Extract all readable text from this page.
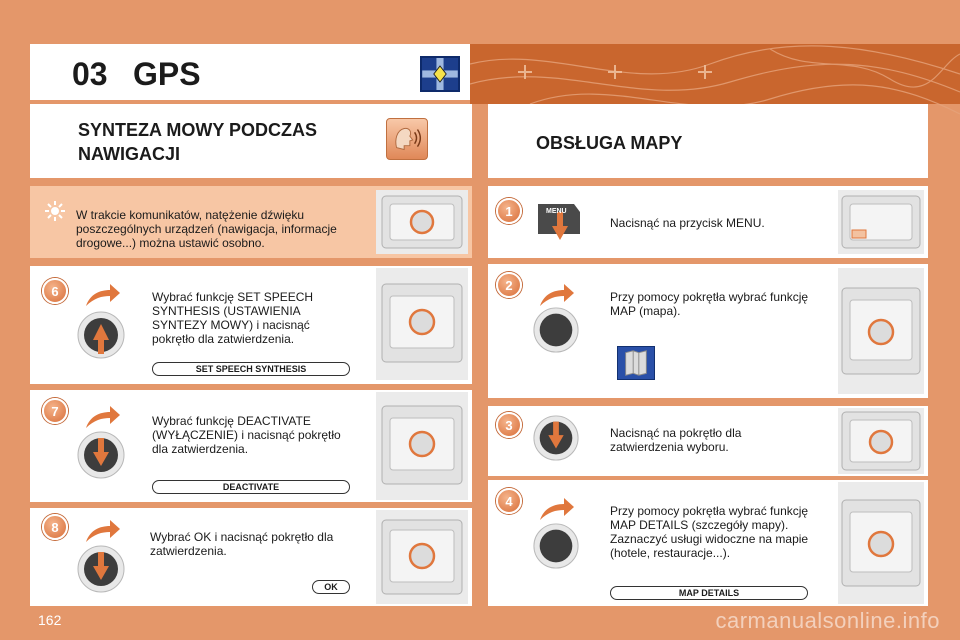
03 GPS
SYNTEZA MOWY PODCZAS
NAWIGACJI
OBSŁUGA MAPY
W trakcie komunikatów, natężenie dźwięku
poszczególnych urządzeń (nawigacja, informacje
drogowe...) można ustawić osobno.
6	Wybrać funkcję SET SPEECH
SYNTHESIS (USTAWIENIA
SYNTEZY MOWY) i nacisnąć
pokrętło dla zatwierdzenia.
SET SPEECH SYNTHESIS
7
Wybrać funkcję DEACTIVATE
(WYŁĄCZENIE) i nacisnąć pokrętło
dla zatwierdzenia.
DEACTIVATE
8
Wybrać OK i nacisnąć pokrętło dla
zatwierdzenia.
OK
1	MENU
Nacisnąć na przycisk MENU.
2
Przy pomocy pokrętła wybrać funkcję
MAP (mapa).
3
Nacisnąć na pokrętło dla
zatwierdzenia wyboru.
4
Przy pomocy pokrętła wybrać funkcję
MAP DETAILS (szczegóły mapy).
Zaznaczyć usługi widoczne na mapie
(hotele, restauracje...).
MAP DETAILS
162	carmanualsonline.info
